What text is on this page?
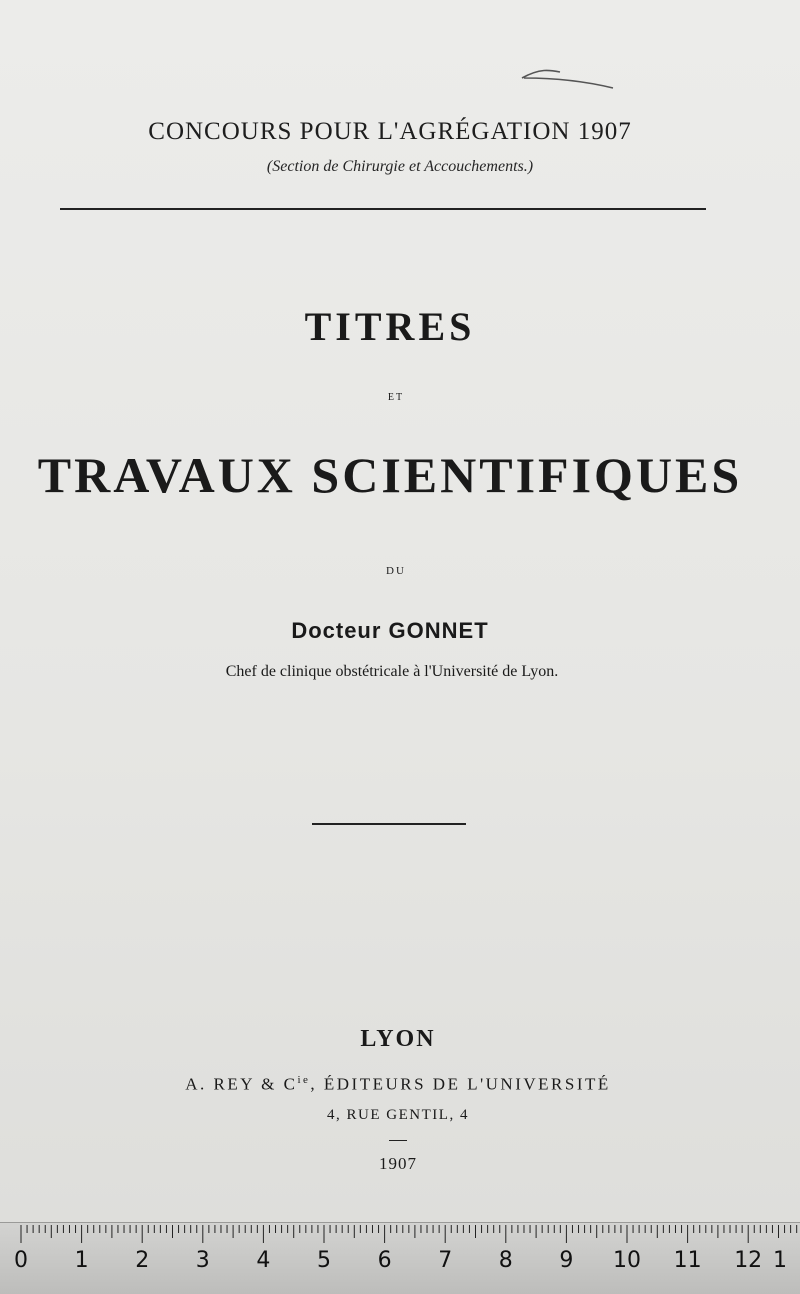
CONCOURS POUR L'AGRÉGATION 1907
(Section de Chirurgie et Accouchements.)
TITRES
ET
TRAVAUX SCIENTIFIQUES
DU
Docteur GONNET
Chef de clinique obstétricale à l'Université de Lyon.
LYON
A. REY & $C^{ie}$, ÉDITEURS DE L'UNIVERSITÉ
4, RUE GENTIL, 4
1907
0	1	2	3	4	5	6	7	8	9	10 11 12 1
